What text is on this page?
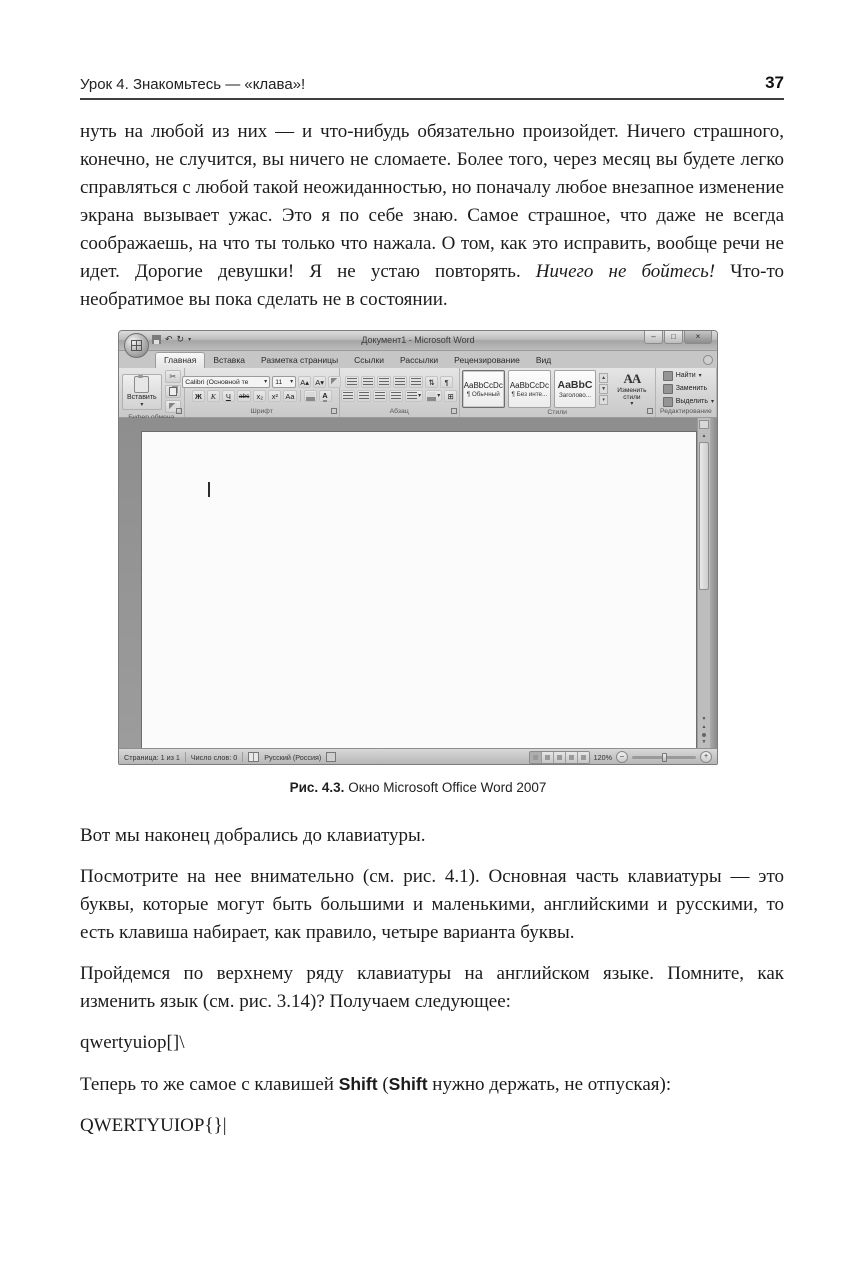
Урок 4. Знакомьтесь — «клава»!	37

нуть на любой из них — и что-нибудь обязательно произойдет. Ничего страшного, конечно, не случится, вы ничего не сломаете. Более того, через месяц вы будете легко справляться с любой такой неожиданностью, но поначалу любое внезапное изменение экрана вызывает ужас. Это я по себе знаю. Самое страшное, что даже не всегда соображаешь, на что ты только что нажала. О том, как это исправить, вообще речи не идет. Дорогие девушки! Я не устаю повторять. Ничего не бойтесь! Что-то необратимое вы пока сделать не в состоянии.

↶ ↻ ▾	Документ1 - Microsoft Word	–	□	×
Главная	Вставка	Разметка страницы	Ссылки	Рассылки	Рецензирование	Вид
Вставить
▾
✂
Calibri (Основной те	▾ 11 ▾ A▴ A▾
Ж	К	Ч	abc x₂	x² Aa	А
Шрифт
⇅	¶
▾	▾ ⊞
Абзац
AaBbCcDc
¶ Обычный
AaBbCcDc
¶ Без инте...
AaBbC
Заголово...
▲
▼
▾
АА
Изменить стили
▾
Стили
Найти ▾
Заменить
Выделить ▾
Редактирование
▲
▼
▲
▼
Страница: 1 из 1 Число слов: 0	Русский (Россия)	120%	–	+
Рис. 4.3. Окно Microsoft Office Word 2007

Вот мы наконец добрались до клавиатуры.

Посмотрите на нее внимательно (см. рис. 4.1). Основная часть клавиатуры — это буквы, которые могут быть большими и маленькими, английскими и русскими, то есть клавиша набирает, как правило, четыре варианта буквы.

Пройдемся по верхнему ряду клавиатуры на английском языке. Помните, как изменить язык (см. рис. 3.14)? Получаем следующее:

qwertyuiop[]\

Теперь то же самое с клавишей Shift (Shift нужно держать, не отпуская):

QWERTYUIOP{}|
